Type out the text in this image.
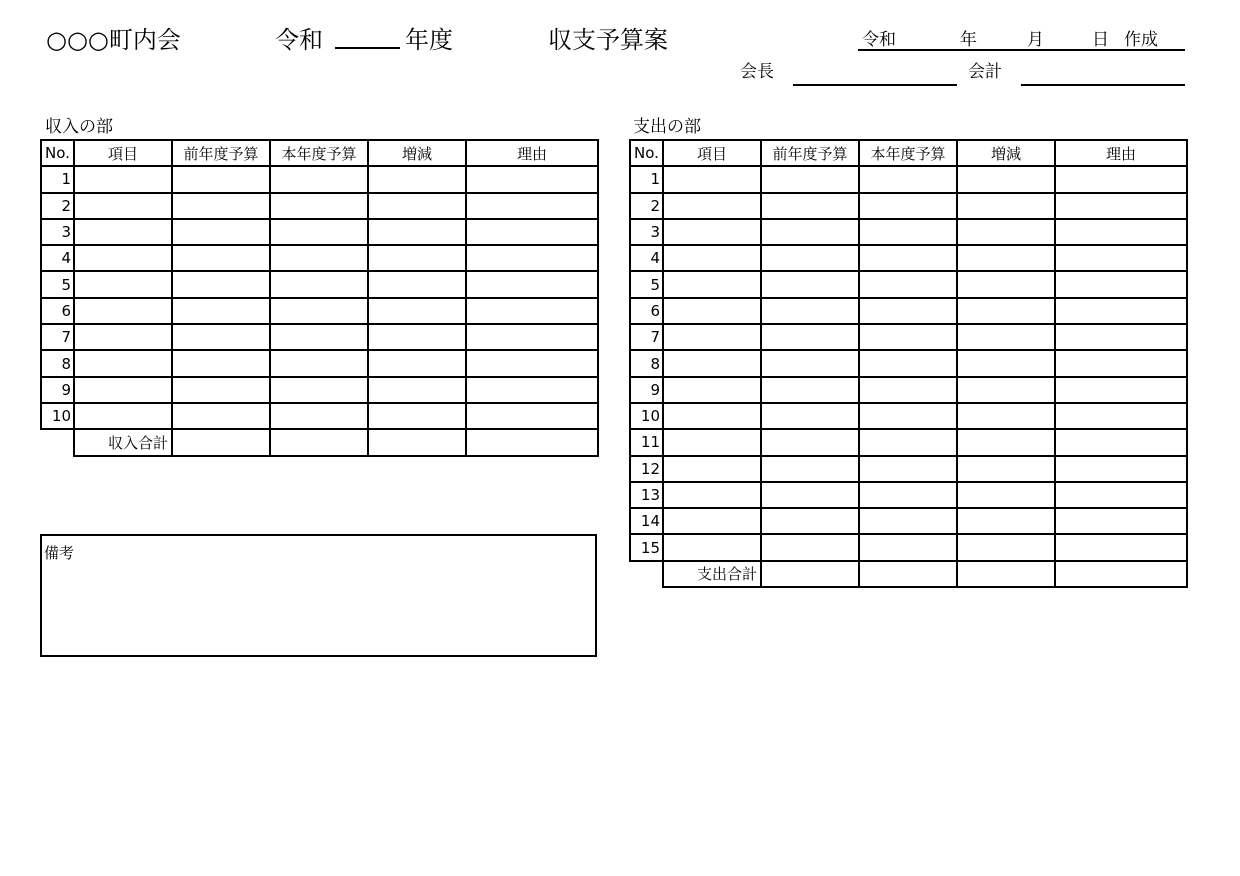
○○○町内会	令和	年度	収支予算案	令和	年	月	日 作成
会長	会計
収入の部	支出の部
No.	項目	前年度予算	本年度予算	増減	理由
1					
2					
3					
4					
5					
6					
7					
8					
9					
10					
	収入合計				
No.	項目	前年度予算	本年度予算	増減	理由
1					
2					
3					
4					
5					
6					
7					
8					
9					
10					
11					
12					
13					
14					
15					
	支出合計				
備考
